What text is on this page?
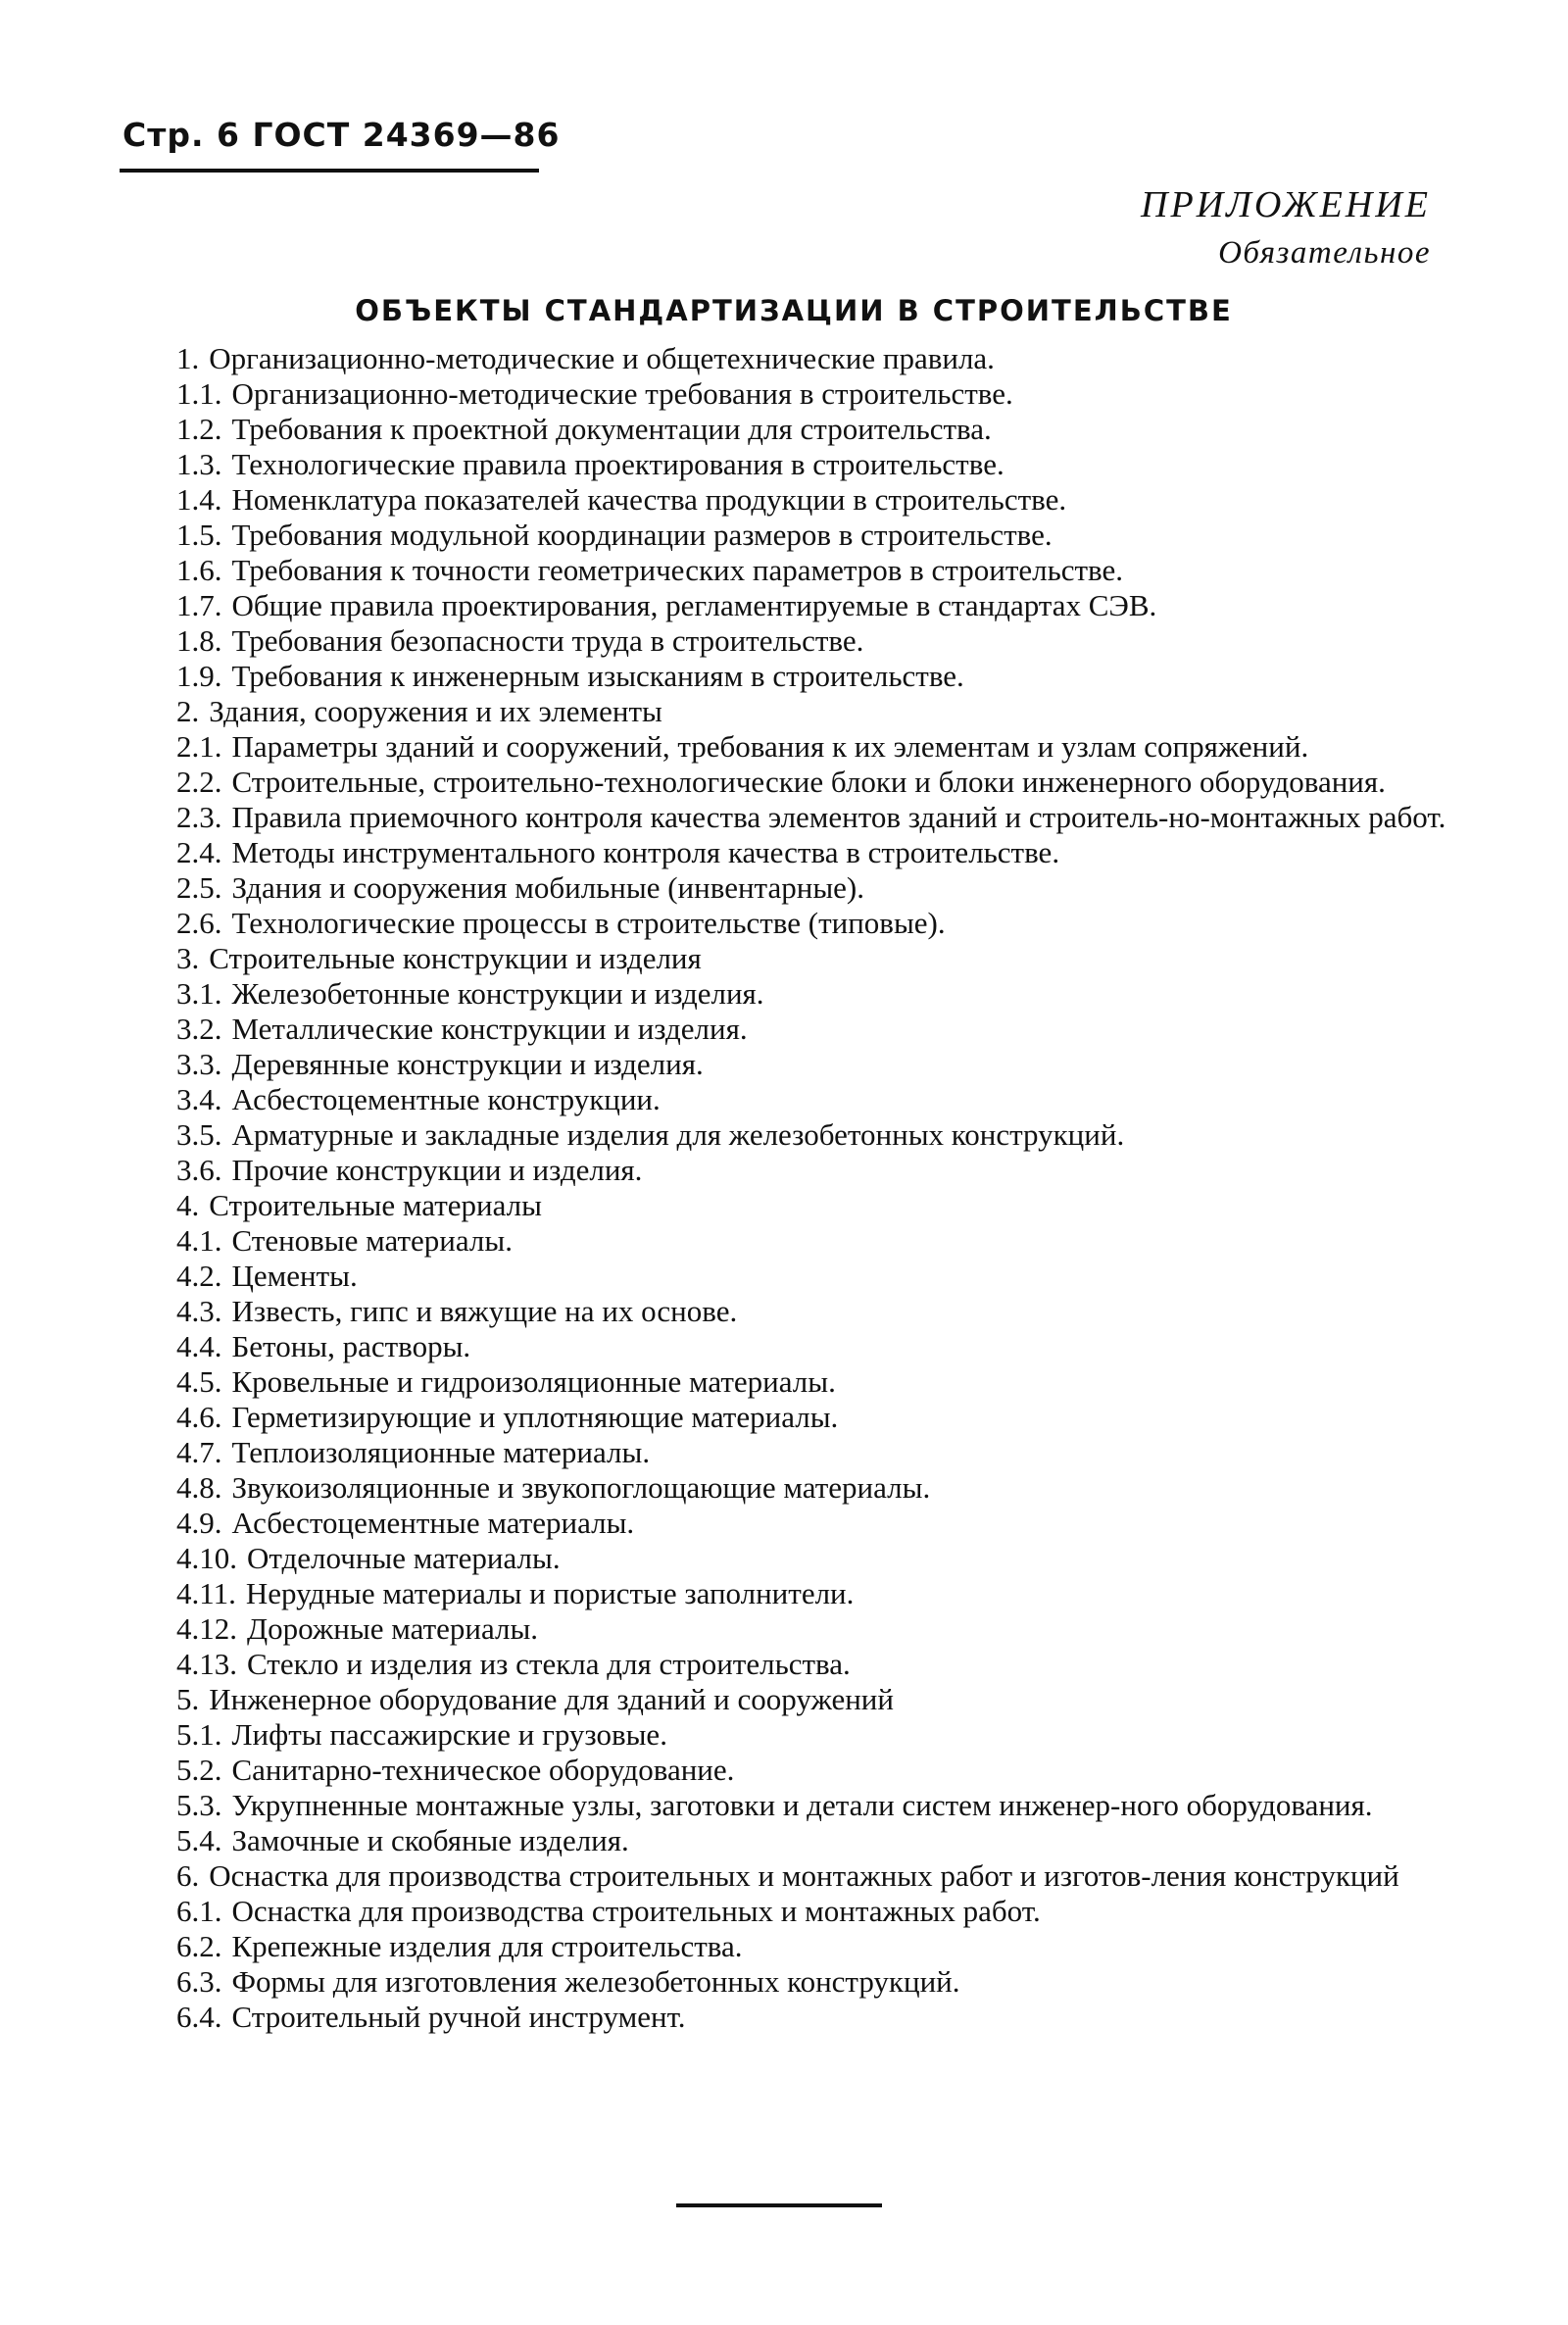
Стр. 6 ГОСТ 24369—86
ПРИЛОЖЕНИЕ
Обязательное
ОБЪЕКТЫ СТАНДАРТИЗАЦИИ В СТРОИТЕЛЬСТВЕ
1. Организационно-методические и общетехнические правила.
1.1. Организационно-методические требования в строительстве.
1.2. Требования к проектной документации для строительства.
1.3. Технологические правила проектирования в строительстве.
1.4. Номенклатура показателей качества продукции в строительстве.
1.5. Требования модульной координации размеров в строительстве.
1.6. Требования к точности геометрических параметров в строительстве.
1.7. Общие правила проектирования, регламентируемые в стандартах СЭВ.
1.8. Требования безопасности труда в строительстве.
1.9. Требования к инженерным изысканиям в строительстве.
2. Здания, сооружения и их элементы
2.1. Параметры зданий и сооружений, требования к их элементам и узлам сопряжений.
2.2. Строительные, строительно-технологические блоки и блоки инженерного оборудования.
2.3. Правила приемочного контроля качества элементов зданий и строитель-но-монтажных работ.
2.4. Методы инструментального контроля качества в строительстве.
2.5. Здания и сооружения мобильные (инвентарные).
2.6. Технологические процессы в строительстве (типовые).
3. Строительные конструкции и изделия
3.1. Железобетонные конструкции и изделия.
3.2. Металлические конструкции и изделия.
3.3. Деревянные конструкции и изделия.
3.4. Асбестоцементные конструкции.
3.5. Арматурные и закладные изделия для железобетонных конструкций.
3.6. Прочие конструкции и изделия.
4. Строительные материалы
4.1. Стеновые материалы.
4.2. Цементы.
4.3. Известь, гипс и вяжущие на их основе.
4.4. Бетоны, растворы.
4.5. Кровельные и гидроизоляционные материалы.
4.6. Герметизирующие и уплотняющие материалы.
4.7. Теплоизоляционные материалы.
4.8. Звукоизоляционные и звукопоглощающие материалы.
4.9. Асбестоцементные материалы.
4.10. Отделочные материалы.
4.11. Нерудные материалы и пористые заполнители.
4.12. Дорожные материалы.
4.13. Стекло и изделия из стекла для строительства.
5. Инженерное оборудование для зданий и сооружений
5.1. Лифты пассажирские и грузовые.
5.2. Санитарно-техническое оборудование.
5.3. Укрупненные монтажные узлы, заготовки и детали систем инженер-ного оборудования.
5.4. Замочные и скобяные изделия.
6. Оснастка для производства строительных и монтажных работ и изготов-ления конструкций
6.1. Оснастка для производства строительных и монтажных работ.
6.2. Крепежные изделия для строительства.
6.3. Формы для изготовления железобетонных конструкций.
6.4. Строительный ручной инструмент.
